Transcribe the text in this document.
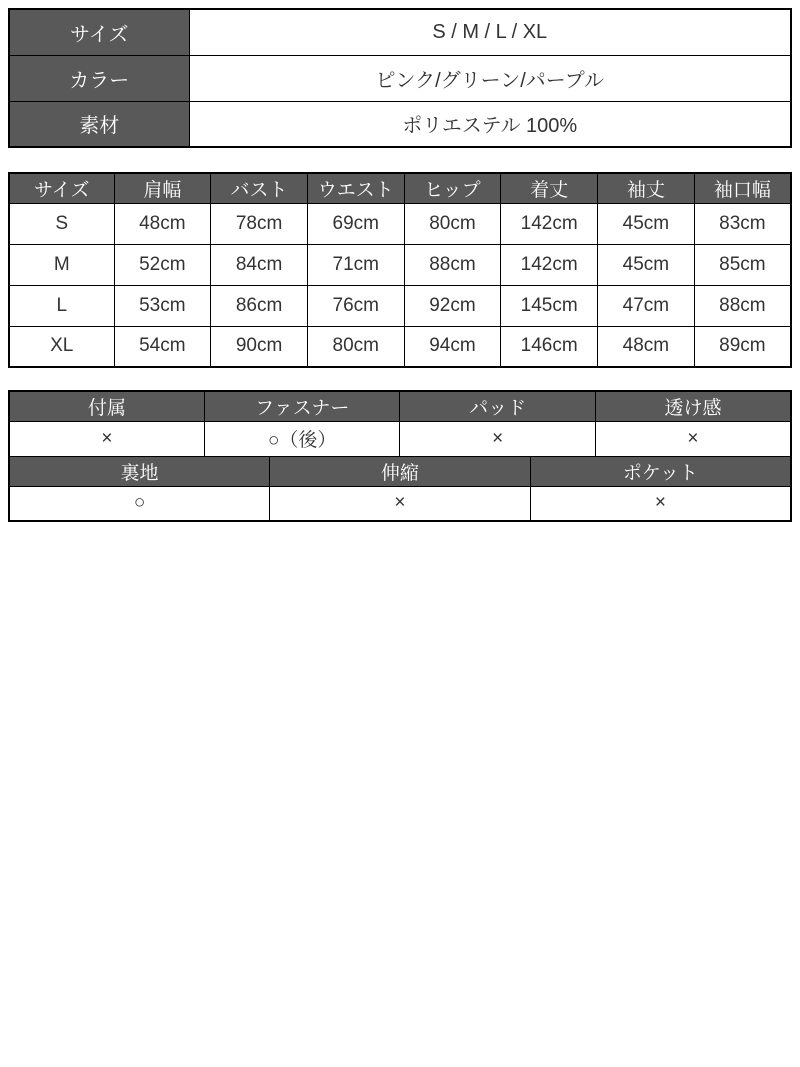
サイズ	S / M / L / XL
カラー	ピンク/グリーン/パープル
素材	ポリエステル 100%
サイズ	肩幅	バスト	ウエスト	ヒップ	着丈	袖丈	袖口幅
S	48cm	78cm	69cm	80cm	142cm	45cm	83cm
M	52cm	84cm	71cm	88cm	142cm	45cm	85cm
L	53cm	86cm	76cm	92cm	145cm	47cm	88cm
XL	54cm	90cm	80cm	94cm	146cm	48cm	89cm
付属	ファスナー		パッド		透け感
×	○（後）		×		×
裏地		伸縮		ポケット	
○		×		×	
